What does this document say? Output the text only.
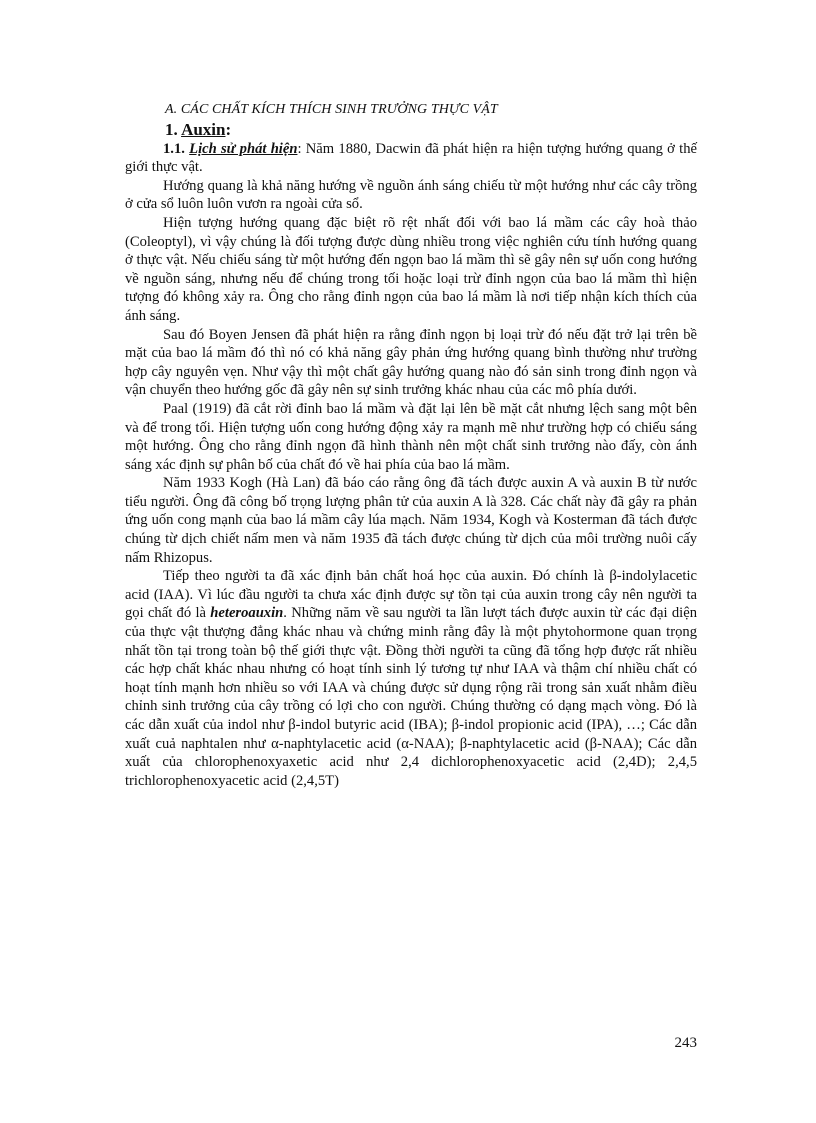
A. CÁC CHẤT KÍCH THÍCH SINH TRƯỞNG THỰC VẬT
1. Auxin:

1.1. Lịch sử phát hiện: Năm 1880, Dacwin đã phát hiện ra hiện tượng hướng quang ở thế giới thực vật.

Hướng quang là khả năng hướng về nguồn ánh sáng chiếu từ một hướng như các cây trồng ở cửa sổ luôn luôn vươn ra ngoài cửa sổ.

Hiện tượng hướng quang đặc biệt rõ rệt nhất đối với bao lá mầm các cây hoà thảo (Coleoptyl), vì vậy chúng là đối tượng được dùng nhiều trong việc nghiên cứu tính hướng quang ở thực vật. Nếu chiếu sáng từ một hướng đến ngọn bao lá mầm thì sẽ gây nên sự uốn cong hướng về nguồn sáng, nhưng nếu để chúng trong tối hoặc loại trừ đỉnh ngọn của bao lá mầm thì hiện tượng đó không xảy ra. Ông cho rằng đỉnh ngọn của bao lá mầm là nơi tiếp nhận kích thích của ánh sáng.

Sau đó Boyen Jensen đã phát hiện ra rằng đỉnh ngọn bị loại trừ đó nếu đặt trở lại trên bề mặt của bao lá mầm đó thì nó có khả năng gây phản ứng hướng quang bình thường như trường hợp cây nguyên vẹn. Như vậy thì một chất gây hướng quang nào đó sản sinh trong đỉnh ngọn và vận chuyển theo hướng gốc đã gây nên sự sinh trưởng khác nhau của các mô phía dưới.

Paal (1919) đã cắt rời đỉnh bao lá mầm và đặt lại lên bề mặt cắt nhưng lệch sang một bên và để trong tối. Hiện tượng uốn cong hướng động xảy ra mạnh mẽ như trường hợp có chiếu sáng một hướng. Ông cho rằng đỉnh ngọn đã hình thành nên một chất sinh trưởng nào đấy, còn ánh sáng xác định sự phân bố của chất đó về hai phía của bao lá mầm.

Năm 1933 Kogh (Hà Lan) đã báo cáo rằng ông đã tách được auxin A và auxin B từ nước tiểu người. Ông đã công bố trọng lượng phân tử của auxin A là 328. Các chất này đã gây ra phản ứng uốn cong mạnh của bao lá mầm cây lúa mạch. Năm 1934, Kogh và Kosterman đã tách được chúng từ dịch chiết nấm men và năm 1935 đã tách được chúng từ dịch của môi trường nuôi cấy nấm Rhizopus.

Tiếp theo người ta đã xác định bản chất hoá học của auxin. Đó chính là β-indolylacetic acid (IAA). Vì lúc đầu người ta chưa xác định được sự tồn tại của auxin trong cây nên người ta gọi chất đó là heteroauxin. Những năm về sau người ta lần lượt tách được auxin từ các đại diện của thực vật thượng đẳng khác nhau và chứng minh rằng đây là một phytohormone quan trọng nhất tồn tại trong toàn bộ thế giới thực vật. Đồng thời người ta cũng đã tổng hợp được rất nhiều các hợp chất khác nhau nhưng có hoạt tính sinh lý tương tự như IAA và thậm chí nhiều chất có hoạt tính mạnh hơn nhiều so với IAA và chúng được sử dụng rộng rãi trong sản xuất nhằm điều chỉnh sinh trưởng của cây trồng có lợi cho con người. Chúng thường có dạng mạch vòng. Đó là các dẫn xuất của indol như β-indol butyric acid (IBA); β-indol propionic acid (IPA), …; Các dẫn xuất cuả naphtalen như α-naphtylacetic acid (α-NAA); β-naphtylacetic acid (β-NAA); Các dẫn xuất của chlorophenoxyaxetic acid như 2,4 dichlorophenoxyacetic acid (2,4D); 2,4,5 trichlorophenoxyacetic acid (2,4,5T)

243
